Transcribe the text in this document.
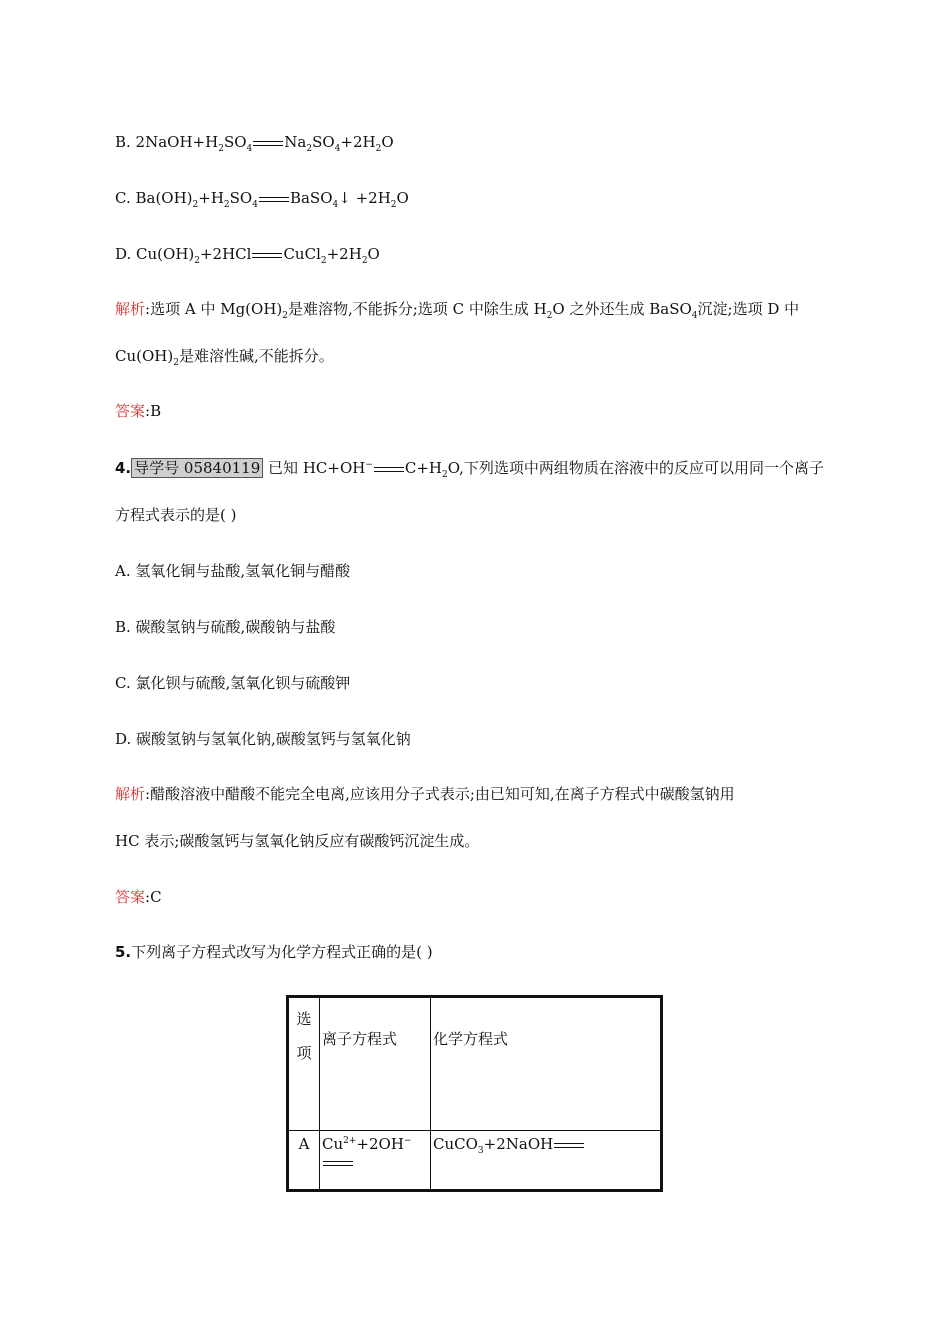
B. $2NaOH+H_2SO_4$ $Na_2SO_4+2H_2O$
C. $Ba(OH)_2+H_2SO_4$ BaSO$_4$↓ $+2H_2O$
D. $Cu(OH)_2+2HCl$ $CuCl_2+2H_2O$
解析:选项 A 中 $Mg(OH)_2$是难溶物,不能拆分;选项 C 中除生成 $H_2O$ 之外还生成 BaSO$_4$沉淀;选项 D 中
$Cu(OH)_2$是难溶性碱,不能拆分。
答案:B
4. 导学号 05840119 已知 HC+OH− $C+H_2O$,下列选项中两组物质在溶液中的反应可以用同一个离子
方程式表示的是( )
A. 氢氧化铜与盐酸,氢氧化铜与醋酸
B. 碳酸氢钠与硫酸,碳酸钠与盐酸
C. 氯化钡与硫酸,氢氧化钡与硫酸钾
D. 碳酸氢钠与氢氧化钠,碳酸氢钙与氢氧化钠
解析:醋酸溶液中醋酸不能完全电离,应该用分子式表示;由已知可知,在离子方程式中碳酸氢钠用
HC 表示;碳酸氢钙与氢氧化钠反应有碳酸钙沉淀生成。
答案:C
5.下列离子方程式改写为化学方程式正确的是( )
选
项	离子方程式	化学方程式
A	$Cu^{2+}+2OH^-$	CuCO$_3$+2NaOH
